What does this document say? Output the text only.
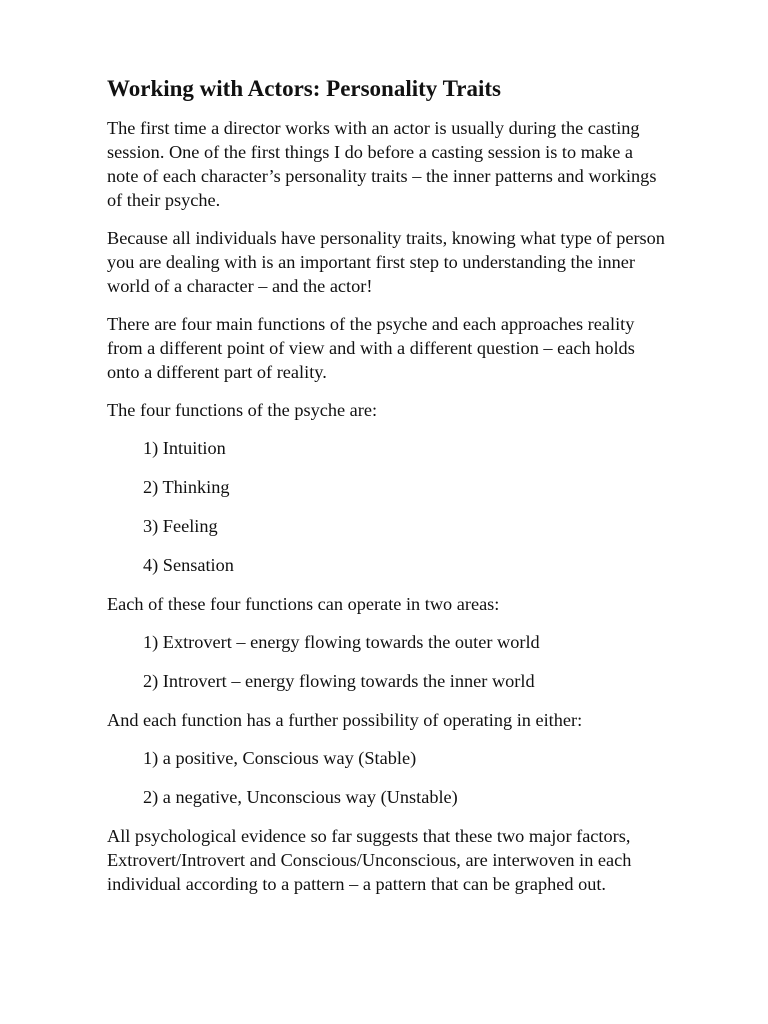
Working with Actors: Personality Traits

The first time a director works with an actor is usually during the casting session. One of the first things I do before a casting session is to make a note of each character’s personality traits – the inner patterns and workings of their psyche.

Because all individuals have personality traits, knowing what type of person you are dealing with is an important first step to understanding the inner world of a character – and the actor!

There are four main functions of the psyche and each approaches reality from a different point of view and with a different question – each holds onto a different part of reality.

The four functions of the psyche are:

1) Intuition
2) Thinking
3) Feeling
4) Sensation

Each of these four functions can operate in two areas:

1) Extrovert – energy flowing towards the outer world
2) Introvert – energy flowing towards the inner world

And each function has a further possibility of operating in either:

1) a positive, Conscious way (Stable)
2) a negative, Unconscious way (Unstable)

All psychological evidence so far suggests that these two major factors, Extrovert/Introvert and Conscious/Unconscious, are interwoven in each individual according to a pattern – a pattern that can be graphed out.
